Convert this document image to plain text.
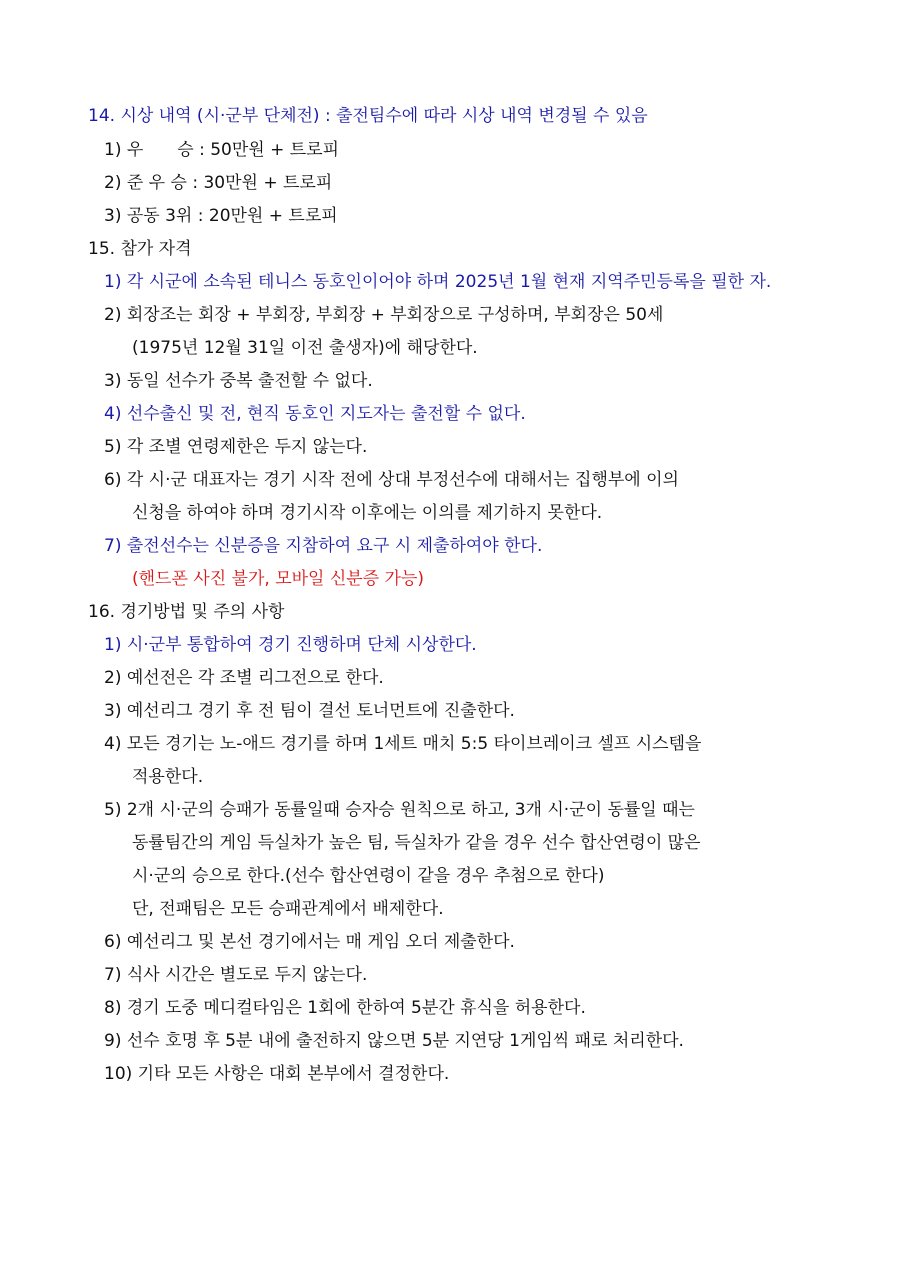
14. 시상 내역 (시·군부 단체전) : 출전팀수에 따라 시상 내역 변경될 수 있음
1) 우　　승 : 50만원 + 트로피
2) 준 우 승 : 30만원 + 트로피
3) 공동 3위 : 20만원 + 트로피
15. 참가 자격
1) 각 시군에 소속된 테니스 동호인이어야 하며 2025년 1월 현재 지역주민등록을 필한 자.
2) 회장조는 회장 + 부회장, 부회장 + 부회장으로 구성하며, 부회장은 50세
(1975년 12월 31일 이전 출생자)에 해당한다.
3) 동일 선수가 중복 출전할 수 없다.
4) 선수출신 및 전, 현직 동호인 지도자는 출전할 수 없다.
5) 각 조별 연령제한은 두지 않는다.
6) 각 시·군 대표자는 경기 시작 전에 상대 부정선수에 대해서는 집행부에 이의
신청을 하여야 하며 경기시작 이후에는 이의를 제기하지 못한다.
7) 출전선수는 신분증을 지참하여 요구 시 제출하여야 한다.
(핸드폰 사진 불가, 모바일 신분증 가능)
16. 경기방법 및 주의 사항
1) 시·군부 통합하여 경기 진행하며 단체 시상한다.
2) 예선전은 각 조별 리그전으로 한다.
3) 예선리그 경기 후 전 팀이 결선 토너먼트에 진출한다.
4) 모든 경기는 노-애드 경기를 하며 1세트 매치 5:5 타이브레이크 셀프 시스템을
적용한다.
5) 2개 시·군의 승패가 동률일때 승자승 원칙으로 하고, 3개 시·군이 동률일 때는
동률팀간의 게임 득실차가 높은 팀, 득실차가 같을 경우 선수 합산연령이 많은
시·군의 승으로 한다.(선수 합산연령이 같을 경우 추첨으로 한다)
단, 전패팀은 모든 승패관계에서 배제한다.
6) 예선리그 및 본선 경기에서는 매 게임 오더 제출한다.
7) 식사 시간은 별도로 두지 않는다.
8) 경기 도중 메디컬타임은 1회에 한하여 5분간 휴식을 허용한다.
9) 선수 호명 후 5분 내에 출전하지 않으면 5분 지연당 1게임씩 패로 처리한다.
10) 기타 모든 사항은 대회 본부에서 결정한다.
